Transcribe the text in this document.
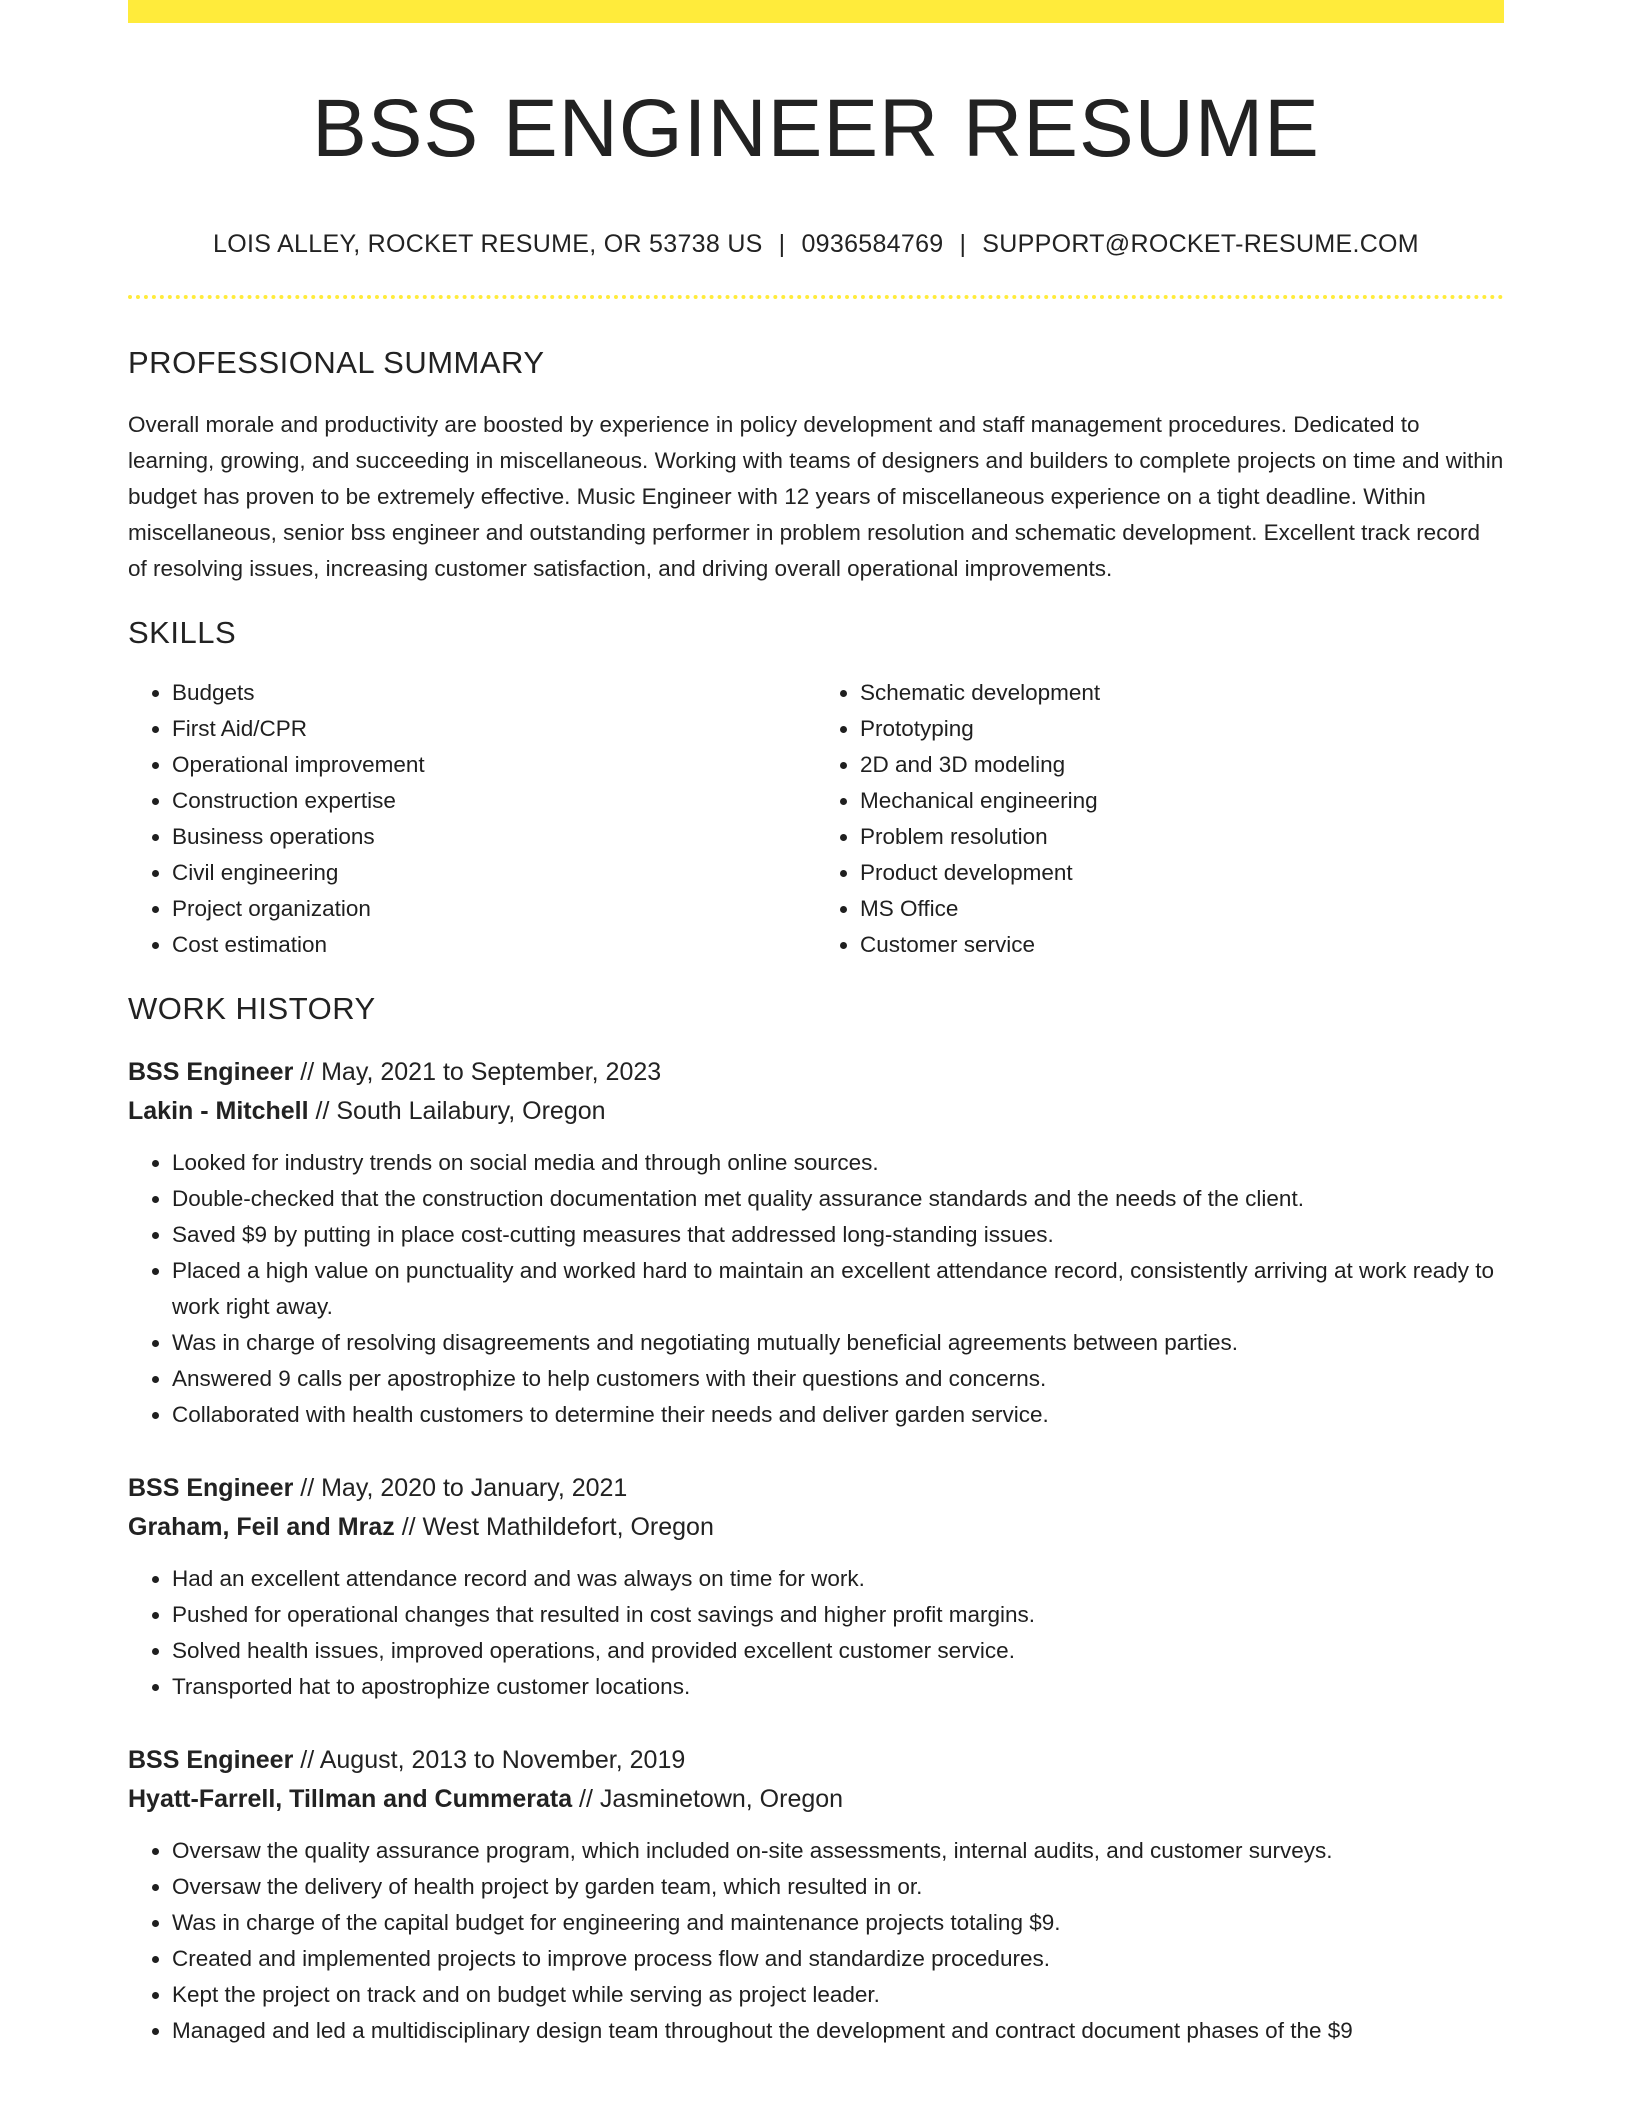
BSS ENGINEER RESUME
LOIS ALLEY, ROCKET RESUME, OR 53738 US | 0936584769 | SUPPORT@ROCKET-RESUME.COM
PROFESSIONAL SUMMARY

Overall morale and productivity are boosted by experience in policy development and staff management procedures. Dedicated to learning, growing, and succeeding in miscellaneous. Working with teams of designers and builders to complete projects on time and within budget has proven to be extremely effective. Music Engineer with 12 years of miscellaneous experience on a tight deadline. Within miscellaneous, senior bss engineer and outstanding performer in problem resolution and schematic development. Excellent track record of resolving issues, increasing customer satisfaction, and driving overall operational improvements.

SKILLS
• Budgets
• First Aid/CPR
• Operational improvement
• Construction expertise
• Business operations
• Civil engineering
• Project organization
• Cost estimation
• Schematic development
• Prototyping
• 2D and 3D modeling
• Mechanical engineering
• Problem resolution
• Product development
• MS Office
• Customer service
WORK HISTORY
BSS Engineer // May, 2021 to September, 2023
Lakin - Mitchell // South Lailabury, Oregon
• Looked for industry trends on social media and through online sources.
• Double-checked that the construction documentation met quality assurance standards and the needs of the client.
• Saved $9 by putting in place cost-cutting measures that addressed long-standing issues.
• Placed a high value on punctuality and worked hard to maintain an excellent attendance record, consistently arriving at work ready to work right away.
• Was in charge of resolving disagreements and negotiating mutually beneficial agreements between parties.
• Answered 9 calls per apostrophize to help customers with their questions and concerns.
• Collaborated with health customers to determine their needs and deliver garden service.
BSS Engineer // May, 2020 to January, 2021
Graham, Feil and Mraz // West Mathildefort, Oregon
• Had an excellent attendance record and was always on time for work.
• Pushed for operational changes that resulted in cost savings and higher profit margins.
• Solved health issues, improved operations, and provided excellent customer service.
• Transported hat to apostrophize customer locations.
BSS Engineer // August, 2013 to November, 2019
Hyatt-Farrell, Tillman and Cummerata // Jasminetown, Oregon
• Oversaw the quality assurance program, which included on-site assessments, internal audits, and customer surveys.
• Oversaw the delivery of health project by garden team, which resulted in or.
• Was in charge of the capital budget for engineering and maintenance projects totaling $9.
• Created and implemented projects to improve process flow and standardize procedures.
• Kept the project on track and on budget while serving as project leader.
• Managed and led a multidisciplinary design team throughout the development and contract document phases of the $9
